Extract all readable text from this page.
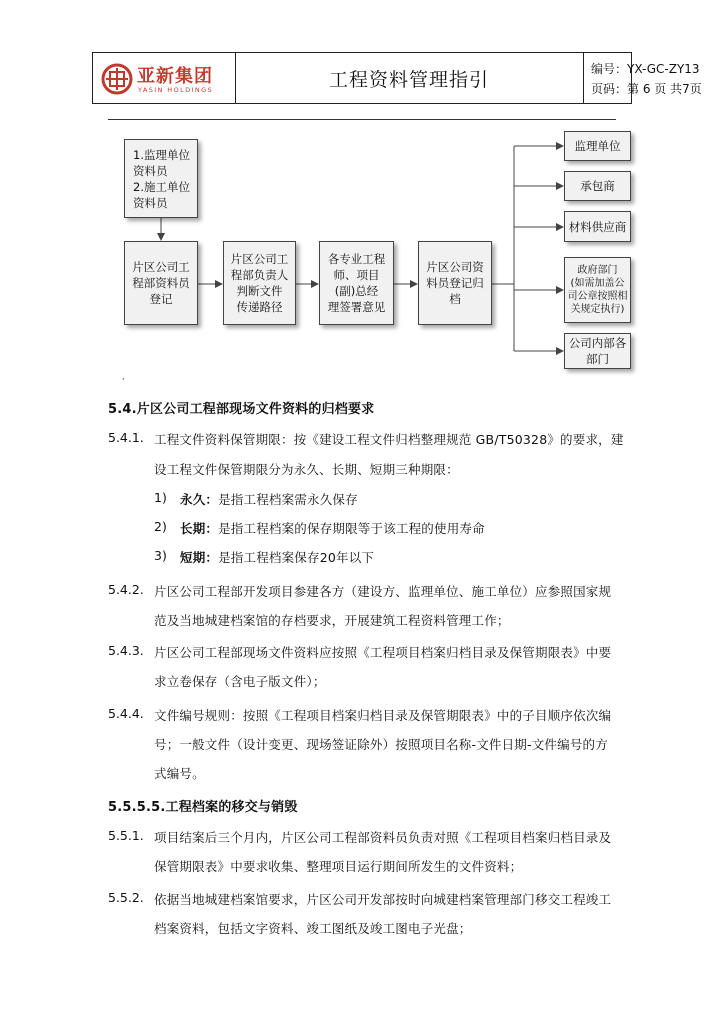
亚新集团
YASIN HOLDINGS	工程资料管理指引	编号：YX-GC-ZY13
页码：第 6 页 共7页
1.监理单位
资料员
2.施工单位
资料员
片区公司工
程部资料员
登记
片区公司工
程部负责人
判断文件
传递路径
各专业工程
师、项目
(副)总经
理签署意见
片区公司资
料员登记归
档
监理单位
承包商
材料供应商
政府部门
(如需加盖公
司公章按照相
关规定执行)
公司内部各
部门
,
5.4.片区公司工程部现场文件资料的归档要求
5.4.1. 工程文件资料保管期限：按《建设工程文件归档整理规范 GB/T50328》的要求，建
设工程文件保管期限分为永久、长期、短期三种期限：
1) 永久：是指工程档案需永久保存
2) 长期：是指工程档案的保存期限等于该工程的使用寿命
3) 短期：是指工程档案保存20年以下
5.4.2. 片区公司工程部开发项目参建各方（建设方、监理单位、施工单位）应参照国家规
范及当地城建档案馆的存档要求，开展建筑工程资料管理工作；
5.4.3. 片区公司工程部现场文件资料应按照《工程项目档案归档目录及保管期限表》中要
求立卷保存（含电子版文件）；
5.4.4. 文件编号规则：按照《工程项目档案归档目录及保管期限表》中的子目顺序依次编
号；一般文件（设计变更、现场签证除外）按照项目名称-文件日期-文件编号的方
式编号。
5.5.5.5.工程档案的移交与销毁
5.5.1. 项目结案后三个月内，片区公司工程部资料员负责对照《工程项目档案归档目录及
保管期限表》中要求收集、整理项目运行期间所发生的文件资料；
5.5.2. 依据当地城建档案馆要求，片区公司开发部按时向城建档案管理部门移交工程竣工
档案资料，包括文字资料、竣工图纸及竣工图电子光盘；
